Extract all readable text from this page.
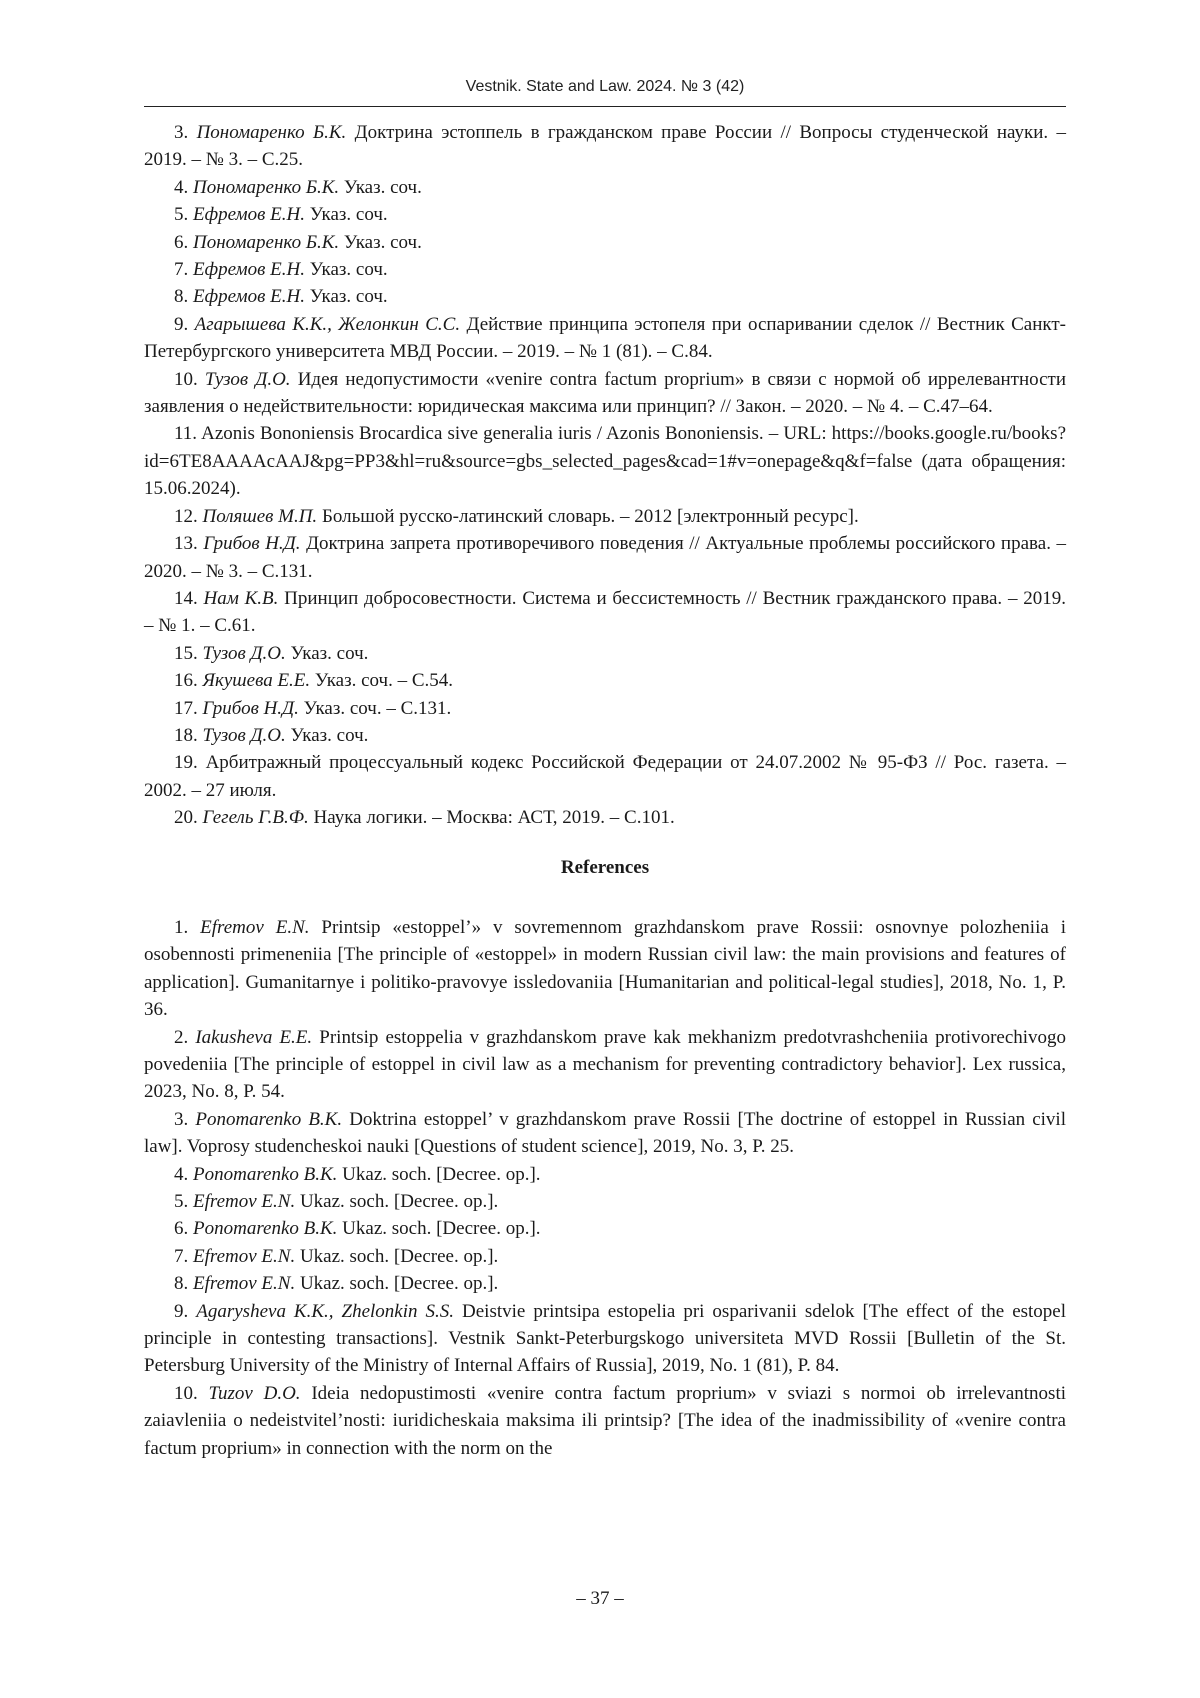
Vestnik. State and Law. 2024. № 3 (42)

3. Пономаренко Б.К. Доктрина эстоппель в гражданском праве России // Вопросы студенческой науки. – 2019. – № 3. – С.25.

4. Пономаренко Б.К. Указ. соч.

5. Ефремов Е.Н. Указ. соч.

6. Пономаренко Б.К. Указ. соч.

7. Ефремов Е.Н. Указ. соч.

8. Ефремов Е.Н. Указ. соч.

9. Агарышева К.К., Желонкин С.С. Действие принципа эстопеля при оспаривании сделок // Вестник Санкт-Петербургского университета МВД России. – 2019. – № 1 (81). – С.84.

10. Тузов Д.О. Идея недопустимости «venire contra factum proprium» в связи с нормой об иррелевантности заявления о недействительности: юридическая максима или принцип? // Закон. – 2020. – № 4. – С.47–64.

11. Azonis Bononiensis Brocardica sive generalia iuris / Azonis Bononiensis. – URL: https://books.google.ru/books?id=6TE8AAAAcAAJ&pg=PP3&hl=ru&source=gbs_selected_pages&cad=1#v=onepage&q&f=false (дата обращения: 15.06.2024).

12. Поляшев М.П. Большой русско-латинский словарь. – 2012 [электронный ресурс].

13. Грибов Н.Д. Доктрина запрета противоречивого поведения // Актуальные проблемы российского права. – 2020. – № 3. – С.131.

14. Нам К.В. Принцип добросовестности. Система и бессистемность // Вестник гражданского права. – 2019. – № 1. – С.61.

15. Тузов Д.О. Указ. соч.

16. Якушева Е.Е. Указ. соч. – С.54.

17. Грибов Н.Д. Указ. соч. – С.131.

18. Тузов Д.О. Указ. соч.

19. Арбитражный процессуальный кодекс Российской Федерации от 24.07.2002 № 95-ФЗ // Рос. газета. – 2002. – 27 июля.

20. Гегель Г.В.Ф. Наука логики. – Москва: АСТ, 2019. – С.101.

References

1. Efremov E.N. Printsip «estoppel’» v sovremennom grazhdanskom prave Rossii: osnovnye polozheniia i osobennosti primeneniia [The principle of «estoppel» in modern Russian civil law: the main provisions and features of application]. Gumanitarnye i politiko-pravovye issledovaniia [Humanitarian and political-legal studies], 2018, No. 1, P. 36.

2. Iakusheva E.E. Printsip estoppelia v grazhdanskom prave kak mekhanizm predotvrashcheniia protivorechivogo povedeniia [The principle of estoppel in civil law as a mechanism for preventing contradictory behavior]. Lex russica, 2023, No. 8, P. 54.

3. Ponomarenko B.K. Doktrina estoppel’ v grazhdanskom prave Rossii [The doctrine of estoppel in Russian civil law]. Voprosy studencheskoi nauki [Questions of student science], 2019, No. 3, P. 25.

4. Ponomarenko B.K. Ukaz. soch. [Decree. op.].

5. Efremov E.N. Ukaz. soch. [Decree. op.].

6. Ponomarenko B.K. Ukaz. soch. [Decree. op.].

7. Efremov E.N. Ukaz. soch. [Decree. op.].

8. Efremov E.N. Ukaz. soch. [Decree. op.].

9. Agarysheva K.K., Zhelonkin S.S. Deistvie printsipa estopelia pri osparivanii sdelok [The effect of the estopel principle in contesting transactions]. Vestnik Sankt-Peterburgskogo universiteta MVD Rossii [Bulletin of the St. Petersburg University of the Ministry of Internal Affairs of Russia], 2019, No. 1 (81), P. 84.

10. Tuzov D.O. Ideia nedopustimosti «venire contra factum proprium» v sviazi s normoi ob irrelevantnosti zaiavleniia o nedeistvitel’nosti: iuridicheskaia maksima ili printsip? [The idea of the inadmissibility of «venire contra factum proprium» in connection with the norm on the

– 37 –
